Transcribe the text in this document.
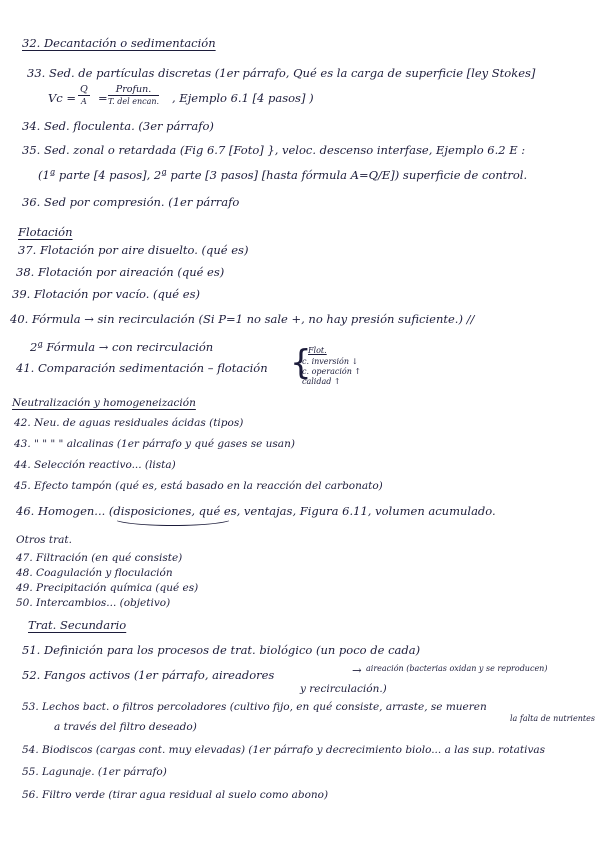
32. Decantación o sedimentación
33. Sed. de partículas discretas (1er párrafo, Qué es la carga de superficie [ley Stokes]
Vc =
Q
A =
Profun.
T. del encan. , Ejemplo 6.1 [4 pasos] )
34. Sed. floculenta. (3er párrafo)
35. Sed. zonal o retardada (Fig 6.7 [Foto] }, veloc. descenso interfase, Ejemplo 6.2 E :
(1ª parte [4 pasos], 2ª parte [3 pasos] [hasta fórmula A=Q/E]) superficie de control.
36. Sed por compresión. (1er párrafo
Flotación
37. Flotación por aire disuelto. (qué es)
38. Flotación por aireación (qué es)
39. Flotación por vacío. (qué es)
40. Fórmula → sin recirculación (Si P=1 no sale +, no hay presión suficiente.) //
2ª Fórmula → con recirculación
41. Comparación sedimentación – flotación {
Flot.
c. inversión ↓
c. operación ↑
calidad ↑
Neutralización y homogeneización
42. Neu. de aguas residuales ácidas (tipos)
43. " " " " alcalinas (1er párrafo y qué gases se usan)
44. Selección reactivo... (lista)
45. Efecto tampón (qué es, está basado en la reacción del carbonato)
46. Homogen... (disposiciones, qué es, ventajas, Figura 6.11, volumen acumulado.
Otros trat.
47. Filtración (en qué consiste)
48. Coagulación y floculación
49. Precipitación química (qué es)
50. Intercambios... (objetivo)
Trat. Secundario
51. Definición para los procesos de trat. biológico (un poco de cada)
52. Fangos activos (1er párrafo, aireadores	→ aireación (bacterias oxidan y se reproducen)
y recirculación.)
53. Lechos bact. o filtros percoladores (cultivo fijo, en qué consiste, arraste, se mueren
la falta de nutrientes
a través del filtro deseado)
54. Biodiscos (cargas cont. muy elevadas) (1er párrafo y decrecimiento biolo... a las sup. rotativas
55. Lagunaje. (1er párrafo)
56. Filtro verde (tirar agua residual al suelo como abono)
